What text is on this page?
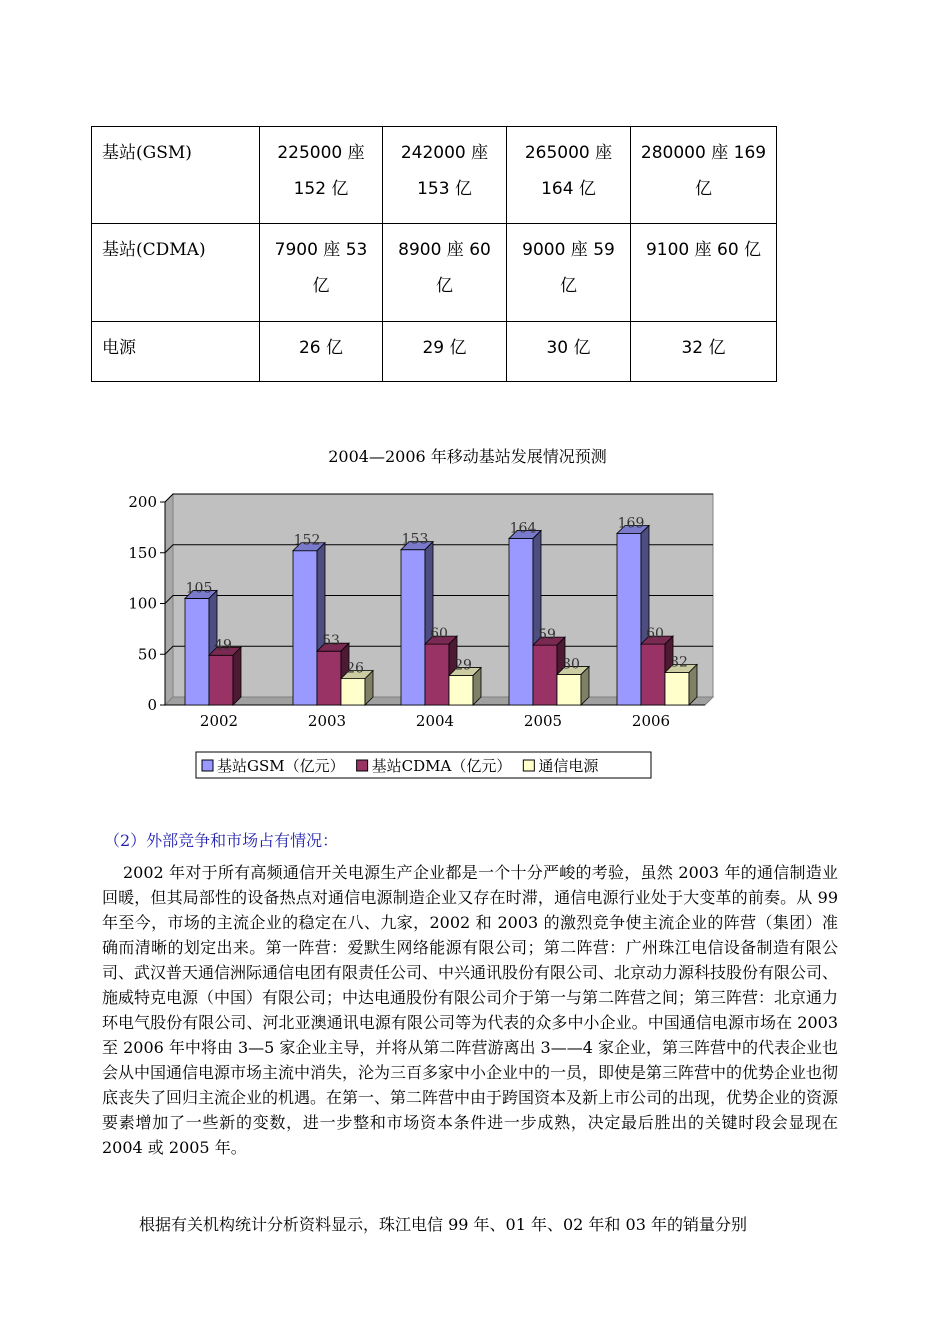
基站(GSM)	225000 座 152 亿	242000 座 153 亿	265000 座 164 亿	280000 座 169 亿
基站(CDMA)	7900 座 53 亿	8900 座 60 亿	9000 座 59 亿	9100 座 60 亿
电源	26 亿	29 亿	30 亿	32 亿
2004—2006 年移动基站发展情况预测
0
50
100
150
200
105
49
2002
152
53
26
2003
153
60
29
2004
164
59
30
2005
169
60
32
2006
基站GSM（亿元） 基站CDMA（亿元） 通信电源
（2）外部竞争和市场占有情况：

2002 年对于所有高频通信开关电源生产企业都是一个十分严峻的考验，虽然 2003 年的通信制造业回暖，但其局部性的设备热点对通信电源制造企业又存在时滞，通信电源行业处于大变革的前奏。从 99 年至今，市场的主流企业的稳定在八、九家，2002 和 2003 的激烈竞争使主流企业的阵营（集团）准确而清晰的划定出来。第一阵营：爱默生网络能源有限公司；第二阵营：广州珠江电信设备制造有限公司、武汉普天通信洲际通信电团有限责任公司、中兴通讯股份有限公司、北京动力源科技股份有限公司、施威特克电源（中国）有限公司；中达电通股份有限公司介于第一与第二阵营之间；第三阵营：北京通力环电气股份有限公司、河北亚澳通讯电源有限公司等为代表的众多中小企业。中国通信电源市场在 2003 至 2006 年中将由 3—5 家企业主导，并将从第二阵营游离出 3——4 家企业，第三阵营中的代表企业也会从中国通信电源市场主流中消失，沦为三百多家中小企业中的一员，即使是第三阵营中的优势企业也彻底丧失了回归主流企业的机遇。在第一、第二阵营中由于跨国资本及新上市公司的出现，优势企业的资源要素增加了一些新的变数，进一步整和市场资本条件进一步成熟，决定最后胜出的关键时段会显现在 2004 或 2005 年。

根据有关机构统计分析资料显示，珠江电信 99 年、01 年、02 年和 03 年的销量分别
